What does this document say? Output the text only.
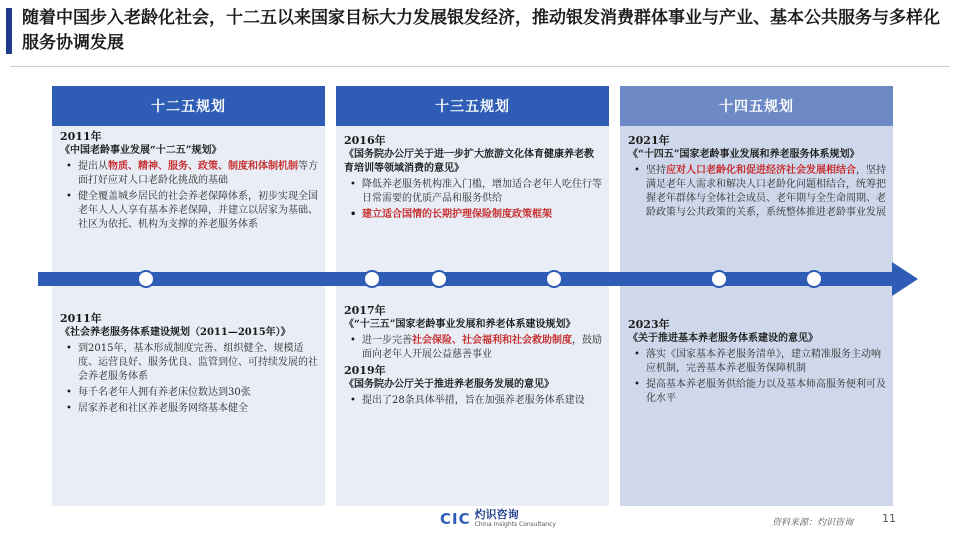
随着中国步入老龄化社会，十二五以来国家目标大力发展银发经济，推动银发消费群体事业与产业、基本公共服务与多样化服务协调发展
十二五规划
2011年
《中国老龄事业发展“十二五”规划》
• 提出从物质、精神、服务、政策、制度和体制机制等方面打好应对人口老龄化挑战的基础
• 健全覆盖城乡居民的社会养老保障体系，初步实现全国老年人人人享有基本养老保障，并建立以居家为基础、社区为依托、机构为支撑的养老服务体系
2011年
《社会养老服务体系建设规划（2011—2015年）》
• 到2015年，基本形成制度完善、组织健全、规模适度、运营良好、服务优良、监管到位、可持续发展的社会养老服务体系
• 每千名老年人拥有养老床位数达到30张
• 居家养老和社区养老服务网络基本健全
十三五规划
2016年
《国务院办公厅关于进一步扩大旅游文化体育健康养老教育培训等领域消费的意见》
• 降低养老服务机构准入门槛，增加适合老年人吃住行等日常需要的优质产品和服务供给
• 建立适合国情的长期护理保险制度政策框架
2017年
《“十三五”国家老龄事业发展和养老体系建设规划》
• 进一步完善社会保险、社会福利和社会救助制度，鼓励面向老年人开展公益慈善事业
2019年
《国务院办公厅关于推进养老服务发展的意见》
• 提出了28条具体举措，旨在加强养老服务体系建设
十四五规划
2021年
《“十四五”国家老龄事业发展和养老服务体系规划》
• 坚持应对人口老龄化和促进经济社会发展相结合，坚持满足老年人需求和解决人口老龄化问题相结合，统筹把握老年群体与全体社会成员、老年期与全生命周期、老龄政策与公共政策的关系，系统整体推进老龄事业发展
2023年
《关于推进基本养老服务体系建设的意见》
• 落实《国家基本养老服务清单》，建立精准服务主动响应机制，完善基本养老服务保障机制
• 提高基本养老服务供给能力以及基本师高服务便利可及化水平
CIC 灼识咨询
China Insights Consultancy	资料来源：灼识咨询	11
